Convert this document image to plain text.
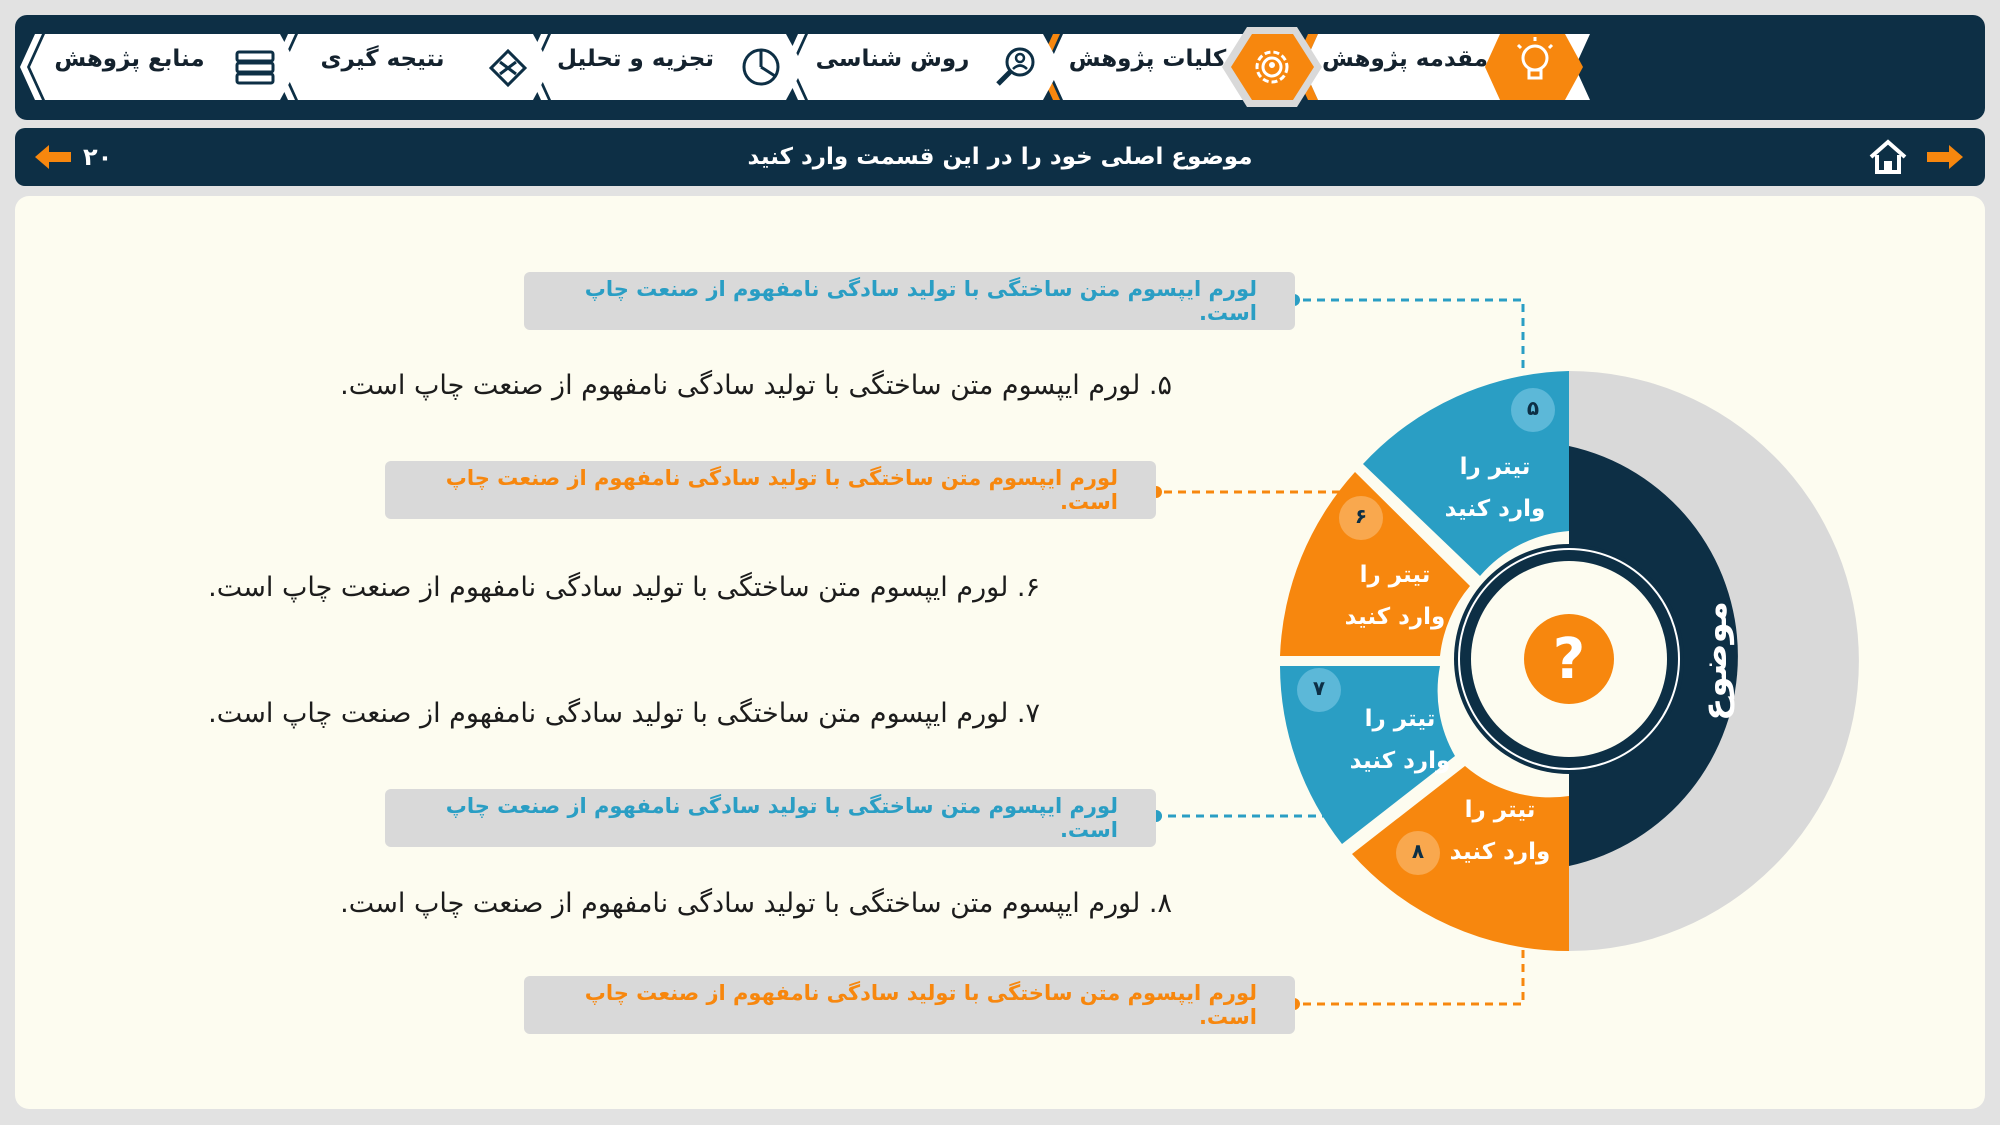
مقدمه پژوهش
کلیات پژوهش
روش شناسی
تجزیه و تحلیل
نتیجه گیری
منابع پژوهش
موضوع اصلی خود را در این قسمت وارد کنید
۲۰
?
۵
۶
۷
۸
تیتر را وارد کنید
تیتر را وارد کنید
تیتر را وارد کنید
تیتر را وارد کنید
موضوع
لورم ایپسوم متن ساختگی با تولید سادگی نامفهوم از صنعت چاپ است.
لورم ایپسوم متن ساختگی با تولید سادگی نامفهوم از صنعت چاپ است.
لورم ایپسوم متن ساختگی با تولید سادگی نامفهوم از صنعت چاپ است.
لورم ایپسوم متن ساختگی با تولید سادگی نامفهوم از صنعت چاپ است.
۵. لورم ایپسوم متن ساختگی با تولید سادگی نامفهوم از صنعت چاپ است.
۶. لورم ایپسوم متن ساختگی با تولید سادگی نامفهوم از صنعت چاپ است.
۷. لورم ایپسوم متن ساختگی با تولید سادگی نامفهوم از صنعت چاپ است.
۸. لورم ایپسوم متن ساختگی با تولید سادگی نامفهوم از صنعت چاپ است.
